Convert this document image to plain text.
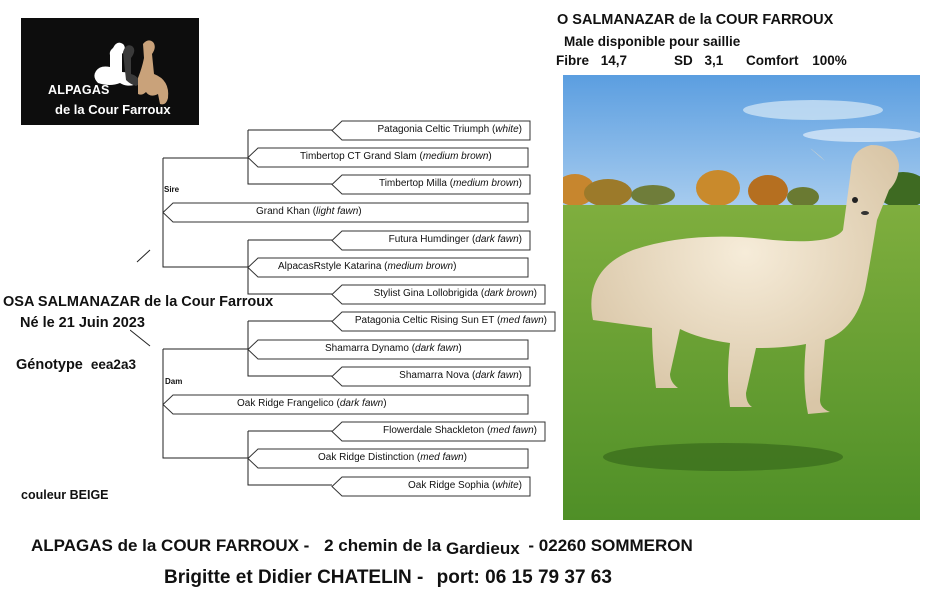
ALPAGAS
de la Cour Farroux
O SALMANAZAR de la COUR FARROUX
Male disponible pour saillie
Fibre 14,7	SD 3,1 Comfort 100%
Patagonia Celtic Triumph (white)
Timbertop Milla (medium brown)
Futura Humdinger (dark fawn)
Stylist Gina Lollobrigida (dark brown)
Patagonia Celtic Rising Sun ET (med fawn)
Shamarra Nova (dark fawn)
Flowerdale Shackleton (med fawn)
Oak Ridge Sophia (white)
Timbertop CT Grand Slam (medium brown)
AlpacasRstyle Katarina (medium brown)
Shamarra Dynamo (dark fawn)
Oak Ridge Distinction (med fawn)
Grand Khan (light fawn)
Oak Ridge Frangelico (dark fawn)
Sire
Dam
OSA SALMANAZAR de la Cour Farroux
Né le 21 Juin 2023
Génotype eea2a3
couleur BEIGE
ALPAGAS de la COUR FARROUX - 2 chemin de la Gardieux - 02260 SOMMERON
Brigitte et Didier CHATELIN - port: 06 15 79 37 63
